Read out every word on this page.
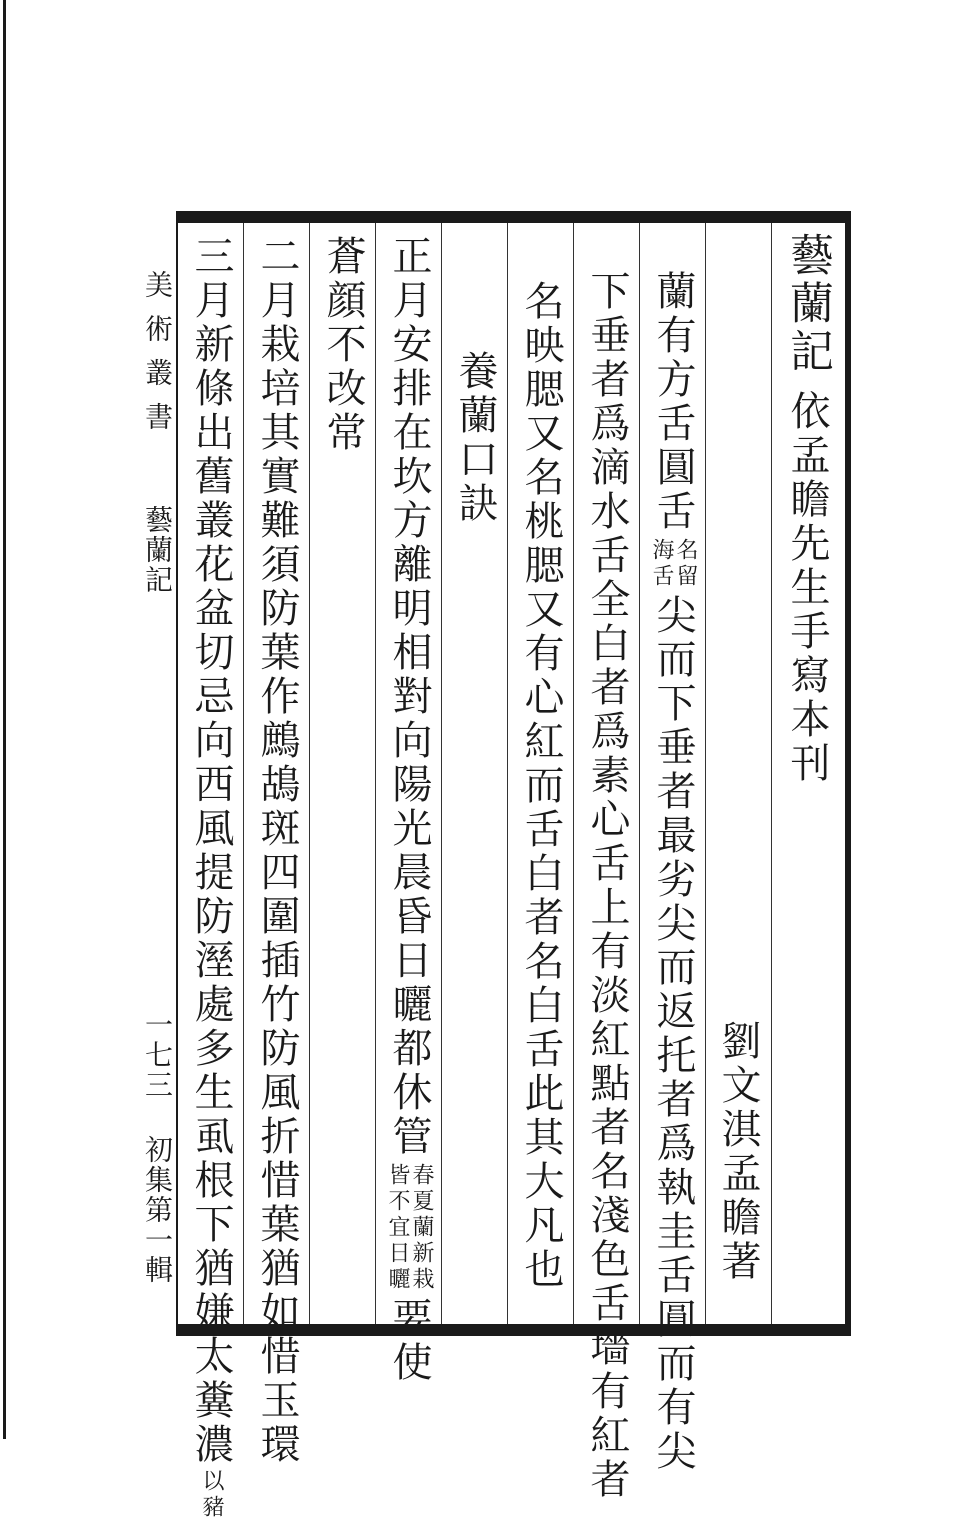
藝蘭記
依孟瞻先生手寫本刊
蘭有方舌圓舌
名留
海舌
尖而下垂者最劣尖而返托者爲執圭舌圓而有尖 劉文淇孟瞻著
下垂者爲滴水舌全白者爲素心舌上有淡紅點者名淺色舌墻有紅者
名映腮又名桃腮又有心紅而舌白者名白舌此其大凡也
養蘭口訣
正月安排在坎方離明相對向陽光晨昏日曬都休管
春夏蘭新栽
皆不宜日曬
要使
蒼顔不改常
二月栽培其實難須防葉作鷓鴣斑四圍插竹防風折惜葉猶如惜玉環
三月新條出舊叢花盆切忌向西風提防溼處多生虱根下猶嫌太糞濃
以豬
美術叢書
藝蘭記
一七三
初集第一輯
